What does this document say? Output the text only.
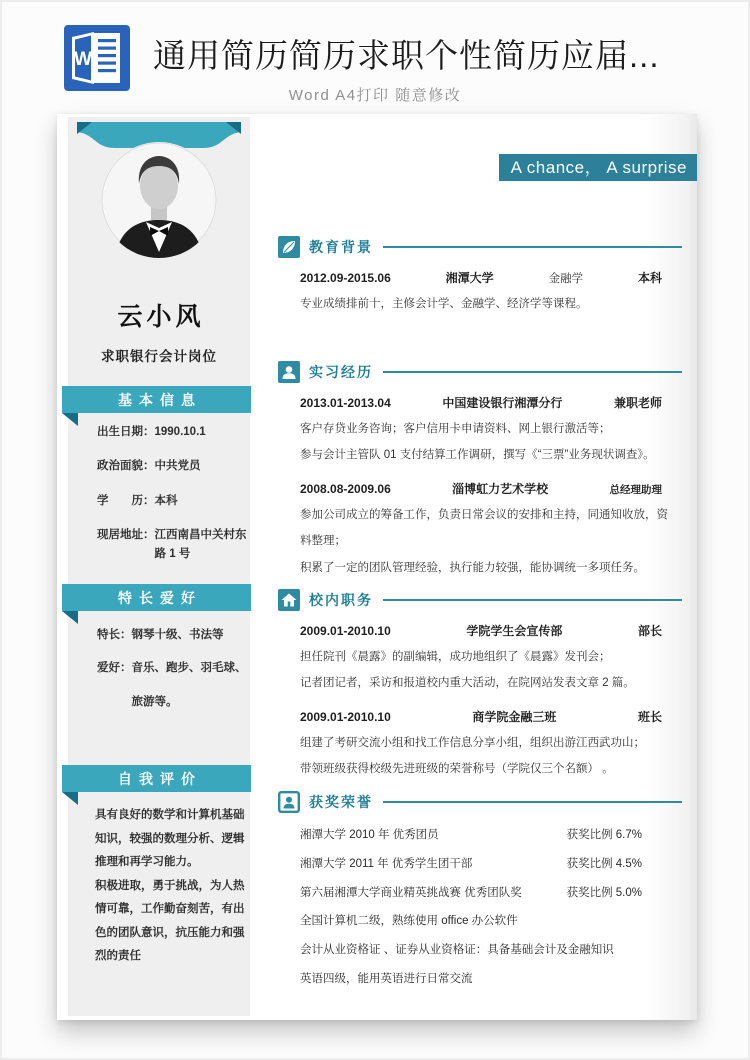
W 通用简历简历求职个性简历应届...
Word A4打印 随意修改
云小风
求职银行会计岗位
基本信息
出生日期： 1990.10.1
政治面貌： 中共党员
学　　历： 本科
现居地址： 江西南昌中关村东路 1 号
特长爱好
特长： 钢琴十级、书法等
爱好： 音乐、跑步、羽毛球、旅游等。
自我评价

具有良好的数学和计算机基础知识，较强的数理分析、逻辑推理和再学习能力。

积极进取，勇于挑战，为人热情可靠，工作勤奋刻苦，有出色的团队意识，抗压能力和强烈的责任

A chance， A surprise
教育背景
2012.09-2015.06	湘潭大学	金融学	本科
专业成绩排前十，主修会计学、金融学、经济学等课程。
实习经历
2013.01-2013.04	中国建设银行湘潭分行	兼职老师
客户存贷业务咨询；客户信用卡申请资料、网上银行激活等；
参与会计主管队 01 支付结算工作调研，撰写《“三票”业务现状调查》。
2008.08-2009.06	淄博虹力艺术学校	总经理助理
参加公司成立的筹备工作，负责日常会议的安排和主持，同通知收放，资料整理；
积累了一定的团队管理经验，执行能力较强，能协调统一多项任务。
校内职务
2009.01-2010.10	学院学生会宣传部	部长
担任院刊《晨露》的副编辑，成功地组织了《晨露》发刊会；
记者团记者，采访和报道校内重大活动，在院网站发表文章 2 篇。
2009.01-2010.10	商学院金融三班	班长
组建了考研交流小组和找工作信息分享小组，组织出游江西武功山；
带领班级获得校级先进班级的荣誉称号（学院仅三个名额） 。
获奖荣誉
湘潭大学 2010 年 优秀团员	获奖比例 6.7%
湘潭大学 2011 年 优秀学生团干部	获奖比例 4.5%
第六届湘潭大学商业精英挑战赛 优秀团队奖	获奖比例 5.0%
全国计算机二级，熟练使用 office 办公软件
会计从业资格证 、证券从业资格证：具备基础会计及金融知识
英语四级，能用英语进行日常交流
